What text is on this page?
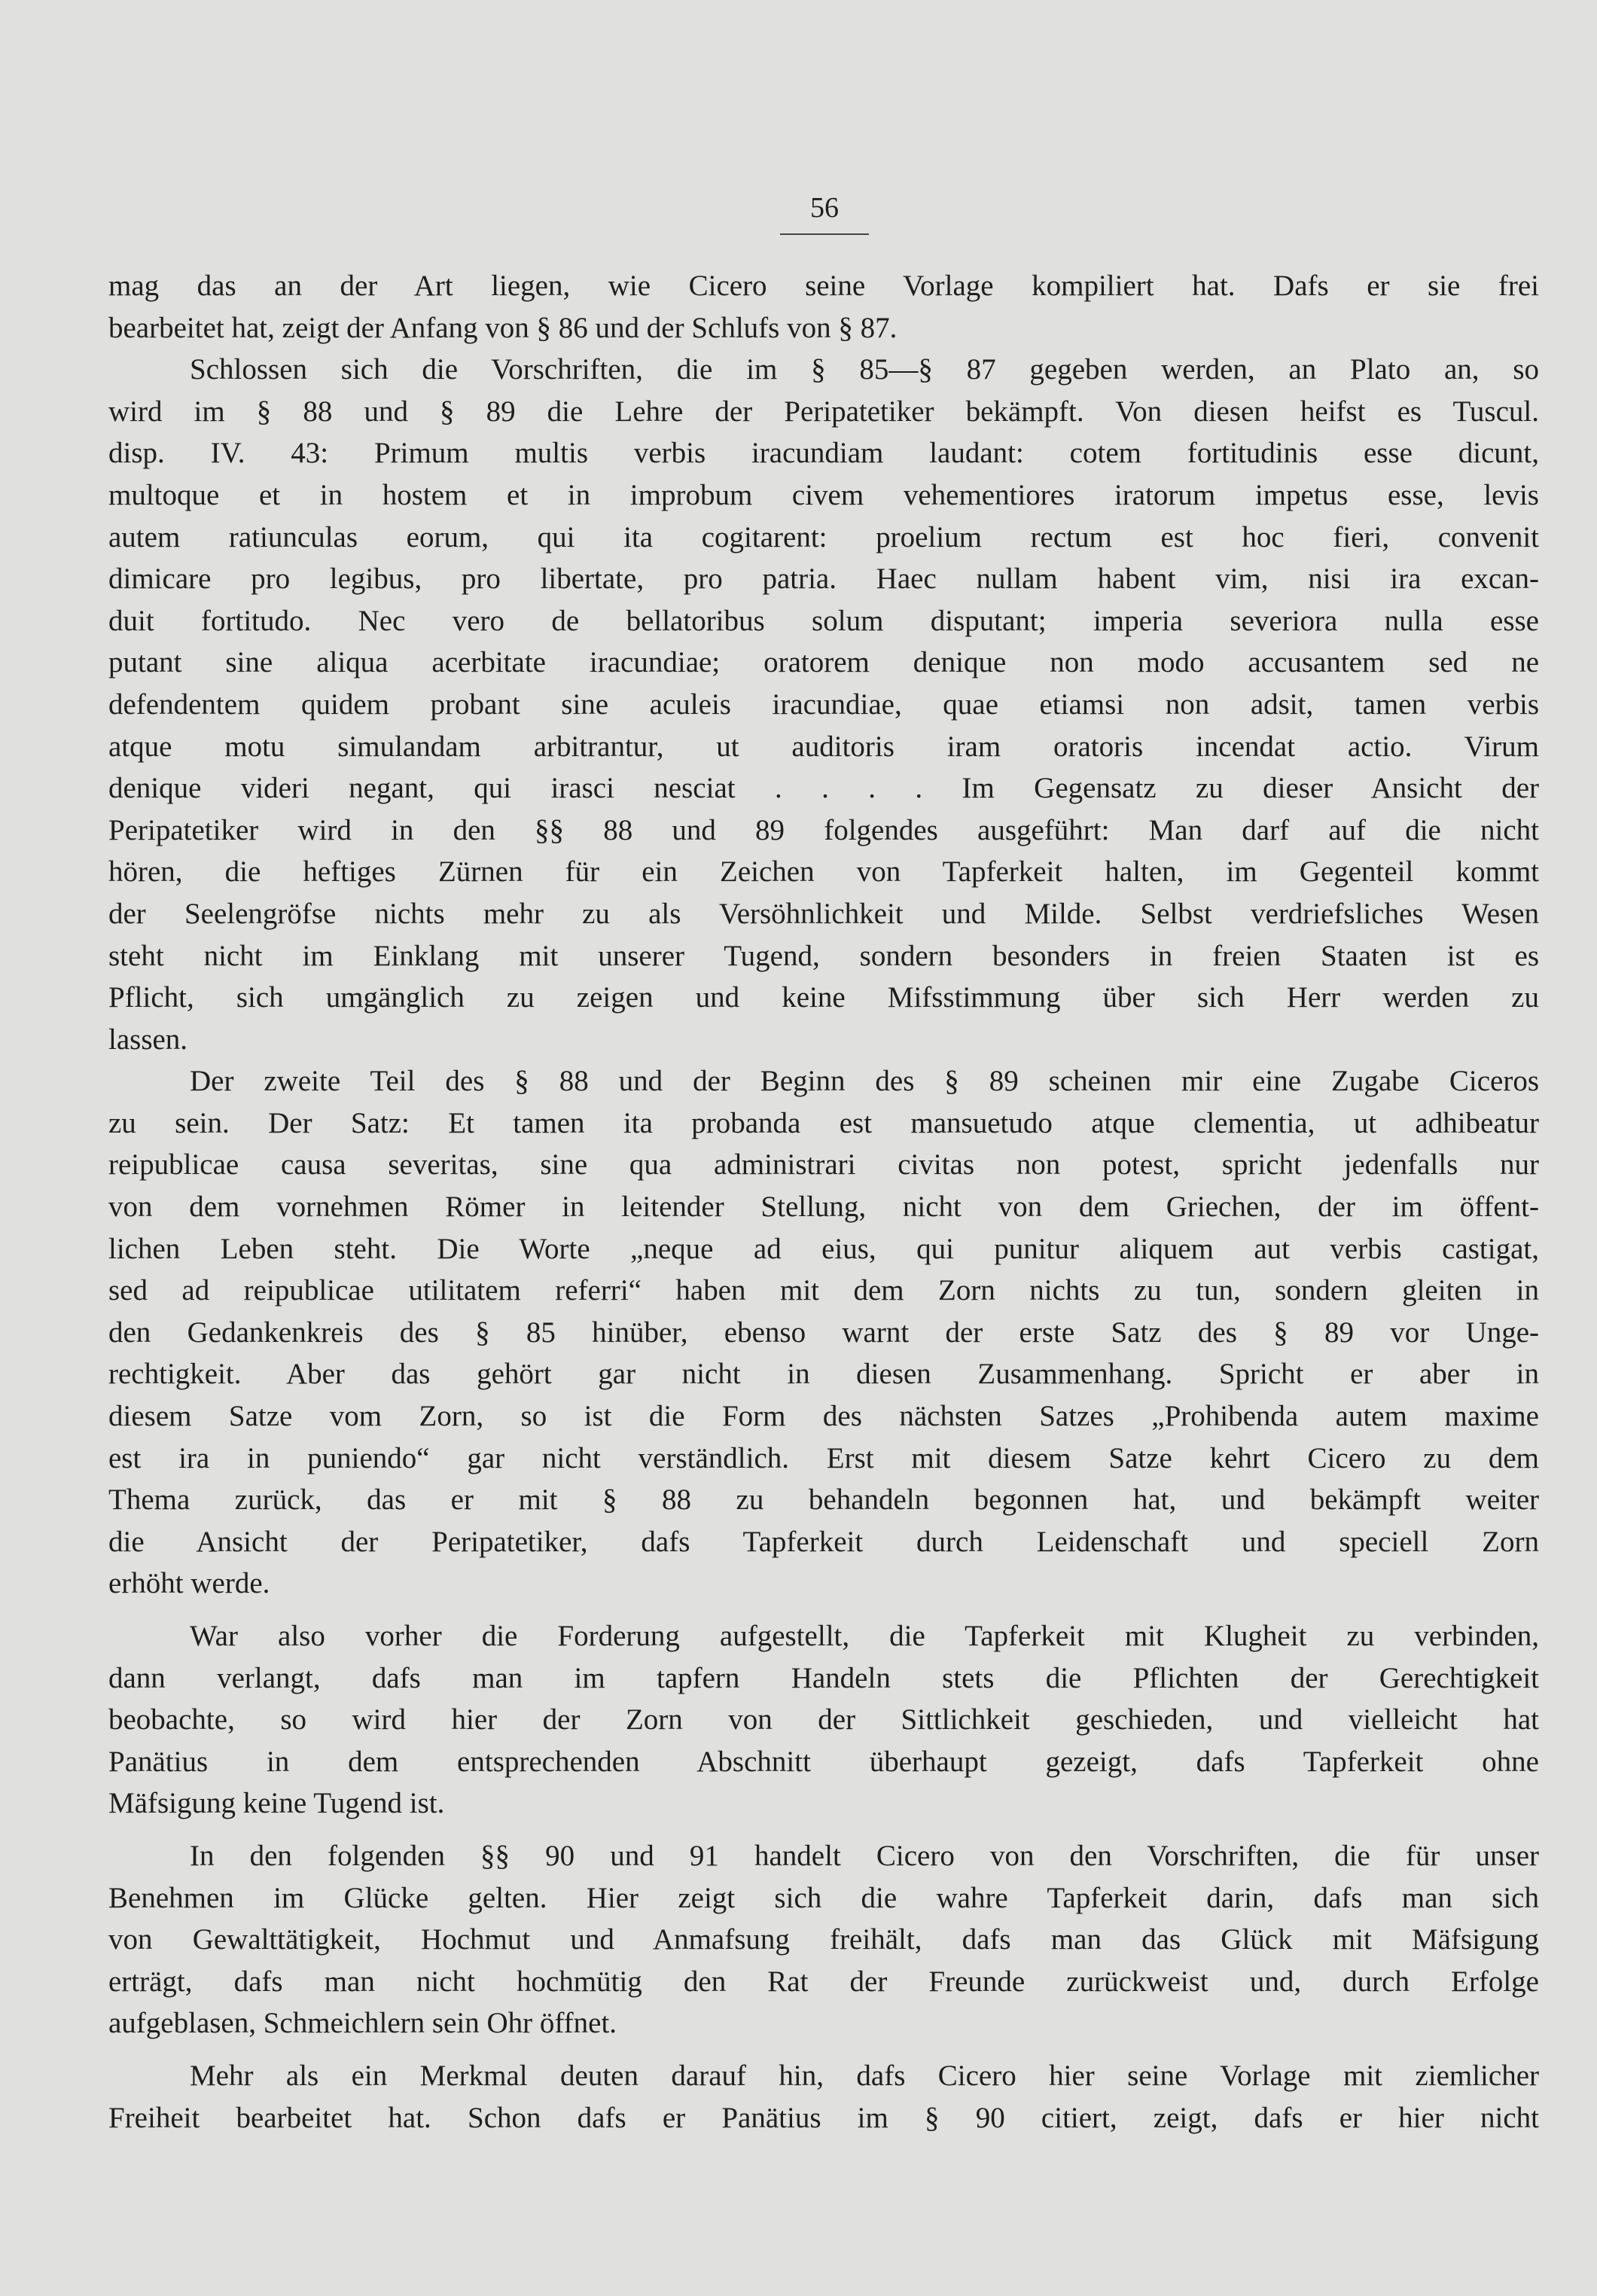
56
mag das an der Art liegen, wie Cicero seine Vorlage kompiliert hat. Dafs er sie frei
bearbeitet hat, zeigt der Anfang von § 86 und der Schlufs von § 87.
Schlossen sich die Vorschriften, die im § 85—§ 87 gegeben werden, an Plato an, so
wird im § 88 und § 89 die Lehre der Peripatetiker bekämpft. Von diesen heifst es Tuscul.
disp. IV. 43: Primum multis verbis iracundiam laudant: cotem fortitudinis esse dicunt,
multoque et in hostem et in improbum civem vehementiores iratorum impetus esse, levis
autem ratiunculas eorum, qui ita cogitarent: proelium rectum est hoc fieri, convenit
dimicare pro legibus, pro libertate, pro patria. Haec nullam habent vim, nisi ira excan-
duit fortitudo. Nec vero de bellatoribus solum disputant; imperia severiora nulla esse
putant sine aliqua acerbitate iracundiae; oratorem denique non modo accusantem sed ne
defendentem quidem probant sine aculeis iracundiae, quae etiamsi non adsit, tamen verbis
atque motu simulandam arbitrantur, ut auditoris iram oratoris incendat actio. Virum
denique videri negant, qui irasci nesciat . . . . Im Gegensatz zu dieser Ansicht der
Peripatetiker wird in den §§ 88 und 89 folgendes ausgeführt: Man darf auf die nicht
hören, die heftiges Zürnen für ein Zeichen von Tapferkeit halten, im Gegenteil kommt
der Seelengröfse nichts mehr zu als Versöhnlichkeit und Milde. Selbst verdriefsliches Wesen
steht nicht im Einklang mit unserer Tugend, sondern besonders in freien Staaten ist es
Pflicht, sich umgänglich zu zeigen und keine Mifsstimmung über sich Herr werden zu
lassen.
Der zweite Teil des § 88 und der Beginn des § 89 scheinen mir eine Zugabe Ciceros
zu sein. Der Satz: Et tamen ita probanda est mansuetudo atque clementia, ut adhibeatur
reipublicae causa severitas, sine qua administrari civitas non potest, spricht jedenfalls nur
von dem vornehmen Römer in leitender Stellung, nicht von dem Griechen, der im öffent-
lichen Leben steht. Die Worte „neque ad eius, qui punitur aliquem aut verbis castigat,
sed ad reipublicae utilitatem referri“ haben mit dem Zorn nichts zu tun, sondern gleiten in
den Gedankenkreis des § 85 hinüber, ebenso warnt der erste Satz des § 89 vor Unge-
rechtigkeit. Aber das gehört gar nicht in diesen Zusammenhang. Spricht er aber in
diesem Satze vom Zorn, so ist die Form des nächsten Satzes „Prohibenda autem maxime
est ira in puniendo“ gar nicht verständlich. Erst mit diesem Satze kehrt Cicero zu dem
Thema zurück, das er mit § 88 zu behandeln begonnen hat, und bekämpft weiter
die Ansicht der Peripatetiker, dafs Tapferkeit durch Leidenschaft und speciell Zorn
erhöht werde.
War also vorher die Forderung aufgestellt, die Tapferkeit mit Klugheit zu verbinden,
dann verlangt, dafs man im tapfern Handeln stets die Pflichten der Gerechtigkeit
beobachte, so wird hier der Zorn von der Sittlichkeit geschieden, und vielleicht hat
Panätius in dem entsprechenden Abschnitt überhaupt gezeigt, dafs Tapferkeit ohne
Mäfsigung keine Tugend ist.
In den folgenden §§ 90 und 91 handelt Cicero von den Vorschriften, die für unser
Benehmen im Glücke gelten. Hier zeigt sich die wahre Tapferkeit darin, dafs man sich
von Gewalttätigkeit, Hochmut und Anmafsung freihält, dafs man das Glück mit Mäfsigung
erträgt, dafs man nicht hochmütig den Rat der Freunde zurückweist und, durch Erfolge
aufgeblasen, Schmeichlern sein Ohr öffnet.
Mehr als ein Merkmal deuten darauf hin, dafs Cicero hier seine Vorlage mit ziemlicher
Freiheit bearbeitet hat. Schon dafs er Panätius im § 90 citiert, zeigt, dafs er hier nicht
